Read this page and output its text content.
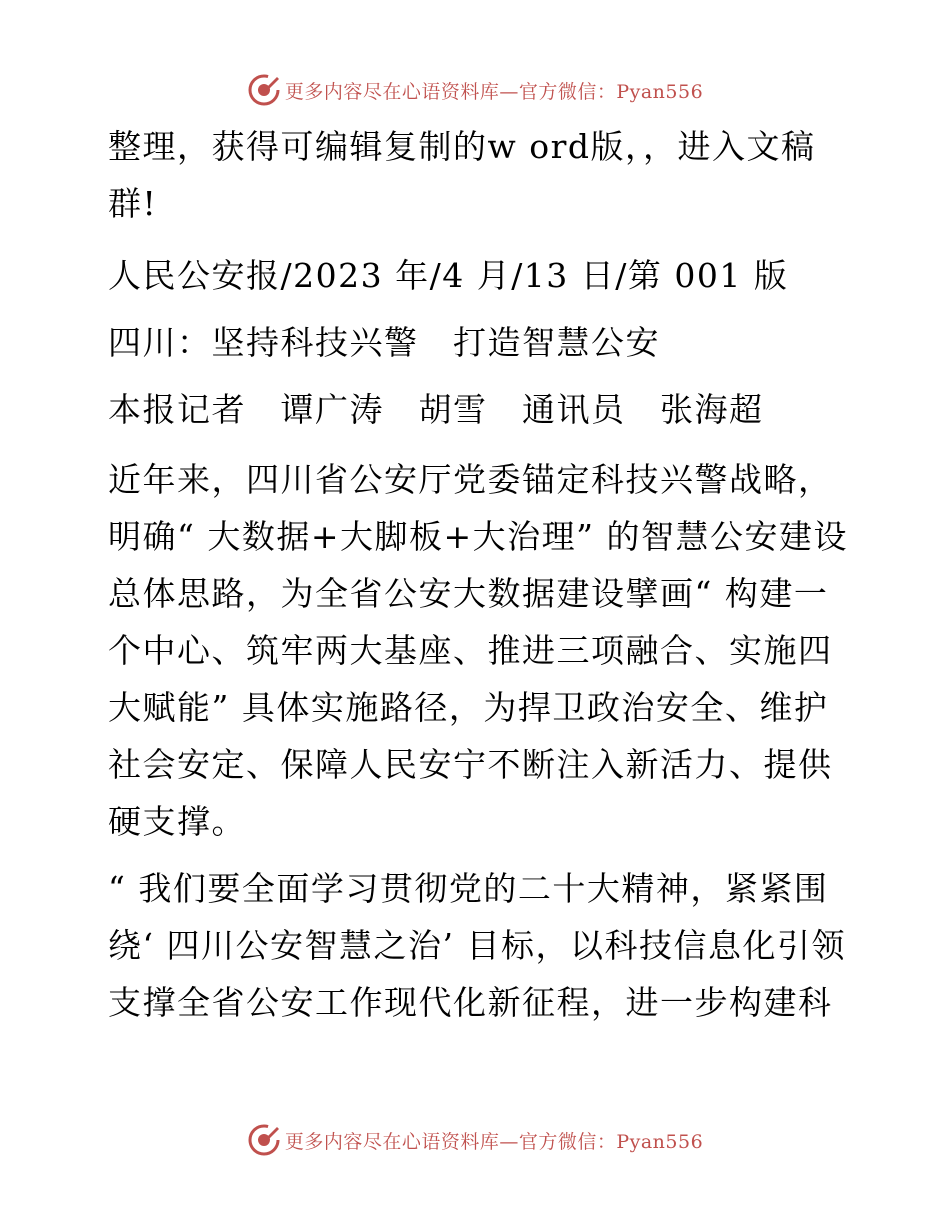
更多内容尽在心语资料库—官方微信：Pyan556

整理，获得可编辑复制的w ord版，，进入文稿群!

人民公安报/2023 年/4 月/13 日/第 001 版

四川：坚持科技兴警　打造智慧公安

本报记者　谭广涛　胡雪　通讯员　张海超

近年来，四川省公安厅党委锚定科技兴警战略，明确“ 大数据+大脚板+大治理” 的智慧公安建设总体思路，为全省公安大数据建设擘画“ 构建一个中心、筑牢两大基座、推进三项融合、实施四大赋能” 具体实施路径，为捍卫政治安全、维护社会安定、保障人民安宁不断注入新活力、提供硬支撑。

“ 我们要全面学习贯彻党的二十大精神，紧紧围绕‘ 四川公安智慧之治’ 目标，以科技信息化引领支撑全省公安工作现代化新征程，进一步构建科

更多内容尽在心语资料库—官方微信：Pyan556
